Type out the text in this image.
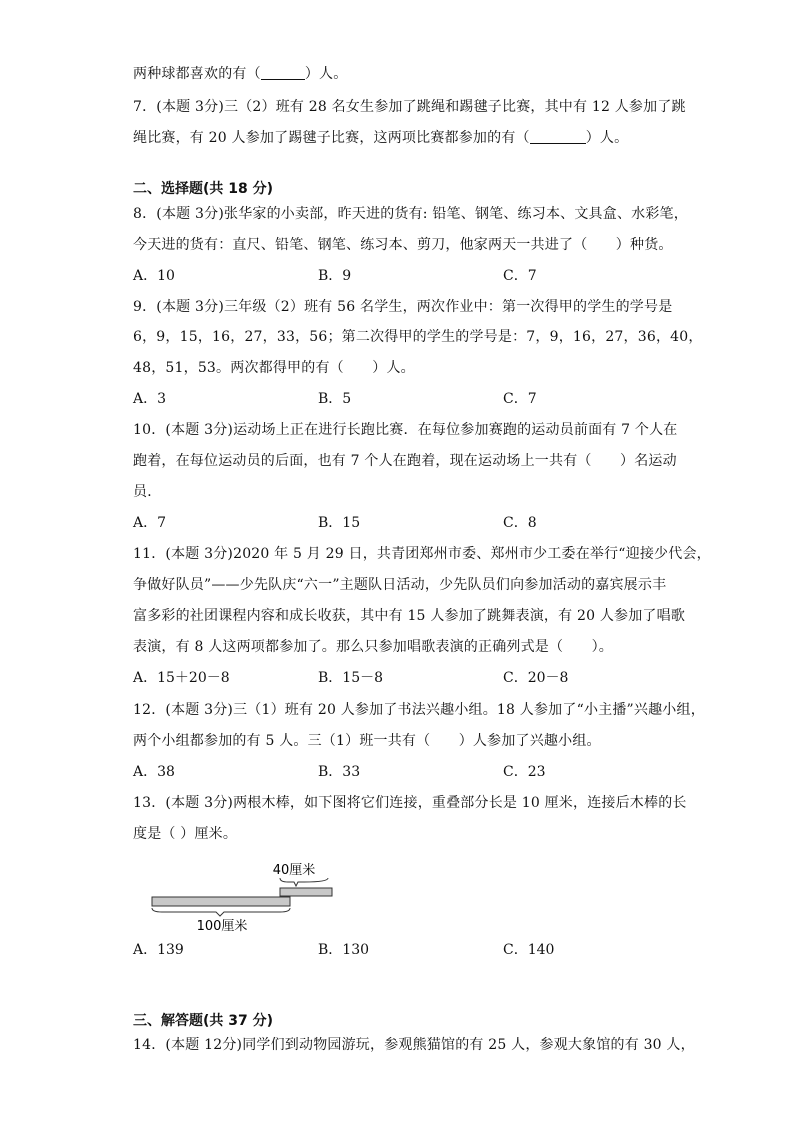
两种球都喜欢的有（	）人。
7．(本题 3分)三（2）班有 28 名女生参加了跳绳和踢毽子比赛，其中有 12 人参加了跳
绳比赛，有 20 人参加了踢毽子比赛，这两项比赛都参加的有（	）人。
二、选择题(共 18 分)
8．(本题 3分)张华家的小卖部，昨天进的货有: 铅笔、钢笔、练习本、文具盒、水彩笔，
今天进的货有：直尺、铅笔、钢笔、练习本、剪刀，他家两天一共进了（　　）种货。
A．10	B．9	C．7
9．(本题 3分)三年级（2）班有 56 名学生，两次作业中：第一次得甲的学生的学号是
6，9，15，16，27，33，56；第二次得甲的学生的学号是：7，9，16，27，36，40，
48，51，53。两次都得甲的有（　　）人。
A．3	B．5	C．7
10．(本题 3分)运动场上正在进行长跑比赛．在每位参加赛跑的运动员前面有 7 个人在
跑着，在每位运动员的后面，也有 7 个人在跑着，现在运动场上一共有（　　）名运动
员．
A．7	B．15	C．8
11．(本题 3分)2020 年 5 月 29 日，共青团郑州市委、郑州市少工委在举行“迎接少代会，
争做好队员”——少先队庆“六一”主题队日活动，少先队员们向参加活动的嘉宾展示丰
富多彩的社团课程内容和成长收获，其中有 15 人参加了跳舞表演，有 20 人参加了唱歌
表演，有 8 人这两项都参加了。那么只参加唱歌表演的正确列式是（　　）。
A．15＋20－8	B．15－8	C．20－8
12．(本题 3分)三（1）班有 20 人参加了书法兴趣小组。18 人参加了“小主播”兴趣小组，
两个小组都参加的有 5 人。三（1）班一共有（　　）人参加了兴趣小组。
A．38	B．33	C．23
13．(本题 3分)两根木棒，如下图将它们连接，重叠部分长是 10 厘米，连接后木棒的长
度是（ ）厘米。
40厘米
100厘米
A．139	B．130	C．140
三、解答题(共 37 分)
14．(本题 12分)同学们到动物园游玩，参观熊猫馆的有 25 人，参观大象馆的有 30 人，
